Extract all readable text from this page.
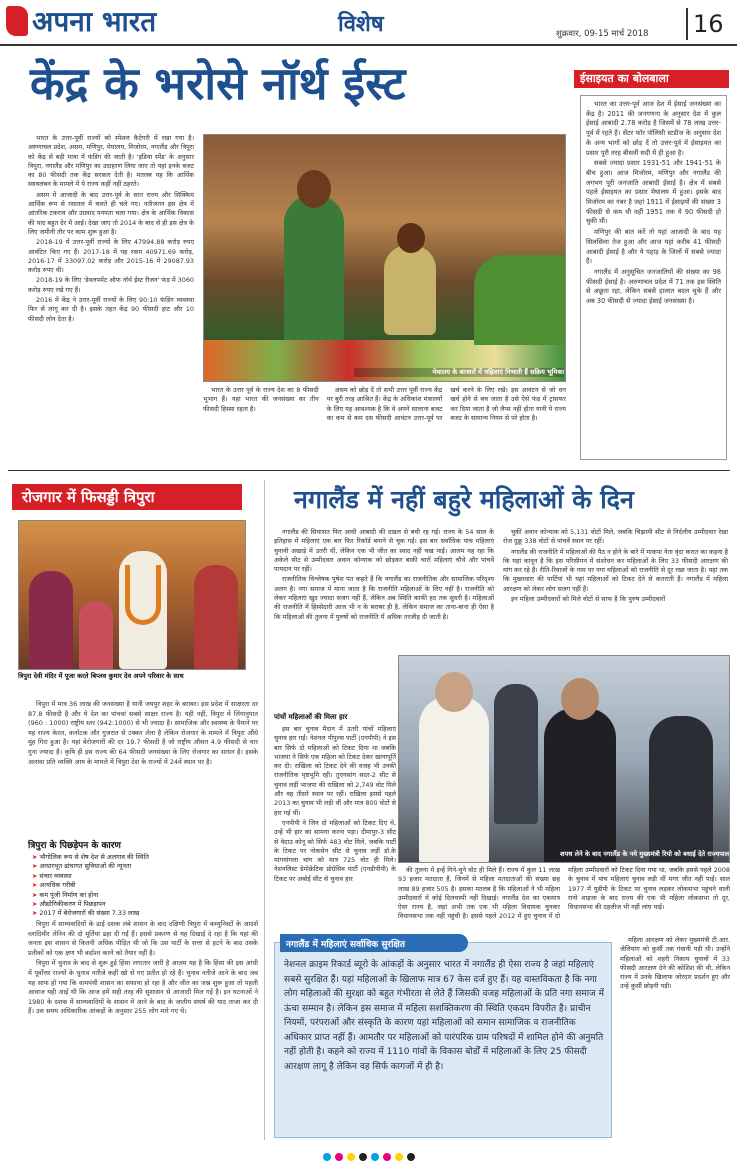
अपना भारत	विशेष	शुक्रवार, 09-15 मार्च 2018 16
केंद्र के भरोसे नॉर्थ ईस्ट

भारत के उत्तर-पूर्वी राज्यों को स्पेशल कैटेगरी में रखा गया है। अरुणाचल प्रदेश, असम, मणिपुर, मेघालय, मिजोरम, नगालैंड और त्रिपुरा को केंद्र से बड़ी मात्रा में फंडिंग की जाती है। 'इंडिया स्पेंड' के अनुसार त्रिपुरा, नगालैंड और मणिपुर का उदाहरण लिया जाए तो यहां इनके बजट का 80 फीसदी तक केंद्र सरकार देती है। मतलब यह कि आर्थिक स्वावलंबन के मामले में ये राज्य कहीं नहीं ठहरते।

असम में आजादी के बाद उत्तर-पूर्व के सात राज्य और सिक्किम आर्थिक रूप से रसातल में चलते ही चले गए। नतीजतन इस क्षेत्र में आंतरिक टकराव और उग्रवाद पनपता चला गया। क्षेत्र के आर्थिक विकास की याद बहुत देर में आई। देखा जाए तो 2014 के बाद से ही इस क्षेत्र के लिए जमीनी तौर पर काम शुरू हुआ है।

2018-19 में उत्तर-पूर्वी राज्यों के लिए 47994.88 करोड़ रुपए आवंटित किए गए हैं। 2017-18 में यह रकम 40971.69 करोड़, 2016-17 में 33097.02 करोड़ और 2015-16 में 29087.93 करोड़ रुपए थी।

2018-19 के लिए 'डेवलपमेंट ऑफ नॉर्थ ईस्ट रीजन' फंड में 3060 करोड़ रुपए रखे गए हैं।

2016 में केंद्र ने उत्तर-पूर्वी राज्यों के लिए 90:10 फंडिंग व्यवस्था फिर से लागू कर दी है। इसके तहत केंद्र 90 फीसदी हाट और 10 फीसदी लोन देता है।

मेघालय के बाजारों में महिलाएं निभाती हैं सक्रिय भूमिका

भारत के उत्तर पूर्व के राज्य देश का 8 फीसदी भूभाग हैं। यहां भारत की जनसंख्या का तीन फीसदी हिस्सा रहता है।

असम को छोड़ दें तो सभी उत्तर पूर्वी राज्य केंद्र पर बुरी तरह आश्रित हैं। केंद्र के अधिकांश मंत्रालयों के लिए यह आवश्यक है कि वे अपने सालाना बजट का कम से कम दस फीसदी आवंटन उत्तर-पूर्व पर खर्च करने के लिए रखें। इस आवंटन से जो धन खर्च होने से बच जाता है उसे ऐसे फंड में ट्रांसफर कर दिया जाता है जो लैप्स नहीं होता यानी ये राज्य बजट के सामान्य नियम से परे होता है।

ईसाइयत का बोलबाला

भारत का उत्तर-पूर्व आज देश में ईसाई जनसंख्या का केंद्र है। 2011 की जनगणना के अनुसार देश में कुल ईसाई आबादी 2.78 करोड़ है जिसमें से 78 लाख उत्तर-पूर्व में रहते हैं। सेंटर फॉर पॉलिसी स्टडीज के अनुसार देश के अन्य भागों को छोड़ दें तो उत्तर-पूर्व में ईसाइयत का प्रसार पूरी तरह बीसवीं सदी में ही हुआ है।

सबसे ज्यादा प्रसार 1931-51 और 1941-51 के बीच हुआ। आज मिजोरम, मणिपुर और नगालैंड की लगभग पूरी जनजाति आबादी ईसाई है। क्षेत्र में सबसे पहले ईसाइयत का प्रसार मेघालय में हुआ। इसके बाद मिजोरम का नंबर है जहां 1911 में ईसाइयों की संख्या 3 फीसदी से कम थी वहीं 1951 तक ये 90 फीसदी हो चुकी थी।

मणिपुर की बात करें तो यहां आजादी के बाद यह सिलसिला तेज हुआ और आज यहां करीब 41 फीसदी आबादी ईसाई है और ये पहाड़ के जिलों में सबसे ज्यादा है।

नगालैंड में अनुसूचित जनजातियों की संख्या का 98 फीसदी ईसाई है। अरुणाचल प्रदेश में 71 तक इस स्थिति से अछूता रहा, लेकिन सबसे हालात बदल चुके हैं और अब 30 फीसदी से ज्यादा ईसाई जनसंख्या है।

रोजगार में फिसड्डी त्रिपुरा
त्रिपुरा देवी मंदिर में पूजा करते बिप्लव कुमार देव अपने परिवार के साथ

त्रिपुरा में मात्र 36 लाख की जनसंख्या है यानी जयपुर शहर के बराबर। इस प्रदेश में साक्षरता दर 87.8 फीसदी है और ये देश का पांचवां सबसे साक्षर राज्य है। यही नहीं, त्रिपुरा में लिंगानुपात (960 : 1000) राष्ट्रीय स्तर (942:1000) से भी ज्यादा है। सामाजिक और स्वास्थ्य के पैमाने पर यह राज्य केरल, कर्नाटक और गुजरात से टक्कर लेता है लेकिन रोजगार के मामले में त्रिपुरा औंधे मुंह गिरा हुआ है। यहां बेरोजगारी की दर 19.7 फीसदी है जो राष्ट्रीय औसत 4.9 फीसदी से चार गुना ज्यादा है। कृषि ही इस राज्य की 64 फीसदी जनसंख्या के लिए रोजगार का साधन है। इसके अलावा प्रति व्यक्ति आय के मामले में त्रिपुरा देश के राज्यों में 24वें स्थान पर है।

त्रिपुरा के पिछड़ेपन के कारण
➤ भौगोलिक रूप से शेष देश से अलगाव की स्थिति
➤ आधारभूत ढांचागत सुविधाओं की न्यूनता
➤ संचार व्यवस्था
➤ अत्यधिक गरीबी
➤ कम पूंजी निर्माण का होना
➤ औद्योगिकीकरण में पिछड़ापन
➤ 2017 में बेरोजगारों की संख्या 7.33 लाख

त्रिपुरा में साम्यवादियों के ढाई दशक लंबे शासन के बाद दक्षिणी त्रिपुरा में कम्युनिस्टों के आदर्श व्लादिमीर लेनिन की दो मूर्तियां ढहा दी गईं हैं। इससे प्रकरण से यह दिखाई दे रहा है कि यहां की जनता इस शासन से कितनी अधिक पीड़ित थी जो कि उस पार्टी के सत्ता से हटने के बाद उसके प्रतीकों को एक क्षण भी बर्दाश्त करने को तैयार नहीं है।

त्रिपुरा में चुनाव के बाद से शुरू हुई हिंसा लगातार जारी है आलम यह है कि हिंसा की इस आंधी में पूर्वोत्तर राज्यों के चुनाव नतीजे कहीं खो से गए प्रतीत हो रहे हैं। चुनाव नतीजे आने के बाद जब यह साफ हो गया कि वामपंथी शासन का सफाया हो रहा है और जीत का जश्न शुरू हुआ तो पहली आवाज यही आई थी कि आज हमें सही तरह की सुशासन से आजादी मिल गई है। इन घटनाओं ने 1980 के दशक में साम्यवादियों के शासन में आने के बाद के जातीय संघर्ष की याद ताजा कर दी हैं। उस समय अधिकारिक आंकड़ों के अनुसार 255 लोग मारे गए थे।

नगालैंड में नहीं बहुरे महिलाओं के दिन

नगालैंड की सियासत फिर आधी आबादी की दखल से बची रह गई। राज्य के 54 साल के इतिहास में महिलाएं एक बार फिर रिकॉर्ड बनाने से चूक गईं। इस बार सर्वाधिक पांच महिलाएं चुनावी अखाड़े में उतरी थीं, लेकिन एक भी जीत का स्वाद नहीं चख पाईं। आलम यह रहा कि अकेले सीट से उम्मीदवार अवान कोन्याक को छोड़कर बाकी चारों महिलाएं चौथे और पांचवें पायदान पर रहीं।

राजनीतिक विश्लेषक पुषेश पंत कहते हैं कि नगालैंड का राजनीतिक और सामाजिक परिदृश्य अलग है। नगा समाज में माना जाता है कि राजनीति महिलाओं के लिए नहीं है। राजनीति को लेकर महिलाएं खुद ज्यादा सजग नहीं हैं, लेकिन अब स्थिति काफी हद तक सुधरी है। महिलाओं की राजनीति में हिस्सेदारी आज भी न के बराबर ही है, लेकिन समाज का ताना-बाना ही ऐसा है कि महिलाओं की तुलना में पुरुषों को राजनीति में अधिक तरजीह दी जाती है।

पांचों महिलाओं की मिला हार

इस बार चुनाव मैदान में उतरी पांचों महिलाएं चुनाव हार गईं। नेशनल पीपुल्स पार्टी (एनपीपी) ने इस बार सिर्फ दो महिलाओं को टिकट दिया था जबकि भाजपा ने सिर्फ एक महिला को टिकट देकर खानापूर्ति कर दी। राखिला को टिकट देने की वजह भी उनकी राजनीतिक पृष्ठभूमि रही। तुएनसांग सदर-2 सीट से चुनाव लड़ीं भाजपा की राखिला को 2,749 वोट मिले और वह तीसरे स्थान पर रहीं। राखिला इससे पहले 2013 का चुनाव भी लड़ी थीं और मात्र 800 वोटों से हार गई थीं।

एनपीपी ने जिन दो महिलाओं को टिकट दिए थे, उन्हें भी हार का सामना करना पड़ा। दीमापुर-3 सीट से वेदाउ कोनू को सिर्फ 483 वोट मिले, जबकि पार्टी के टिकट पर नोकसेन सीट से चुनाव लड़ीं डॉ.के मांगयांगला चांग को मात्र 725 वोट ही मिले। नेशनलिस्ट डेमोक्रेटिक प्रोग्रेसिव पार्टी (एनडीपीपी) के टिकट पर अबोई सीट से चुनाव हार

चुकीं अवान कोन्याक को 5,131 वोटों मिले, जबकि चिझामी सीट से निर्दलीय उम्मीदवार रेखा रोज दुक्रू 338 वोटों से पांचवें स्थान पर रहीं।

नगालैंड की राजनीति में महिलाओं की पैठ न होने के बारे में माकपा नेता वृंदा करात का कहना है कि यहां कानून है कि इस परिसीमन में संशोधन कर महिलाओं के लिए 33 फीसदी आरक्षण की मांग कर रहे हैं। रीति-रिवाजों के नाम पर नगा महिलाओं को राजनीति से दूर रखा जाता है। यहां तक कि मुख्यधारा की पार्टियां भी यहां महिलाओं को टिकट देने से कतराती हैं। नगालैंड में महिला आरक्षण को लेकर लोग सजग नहीं हैं।

इन महिला उम्मीदवारों को मिले वोटों से साफ है कि पुरुष उम्मीदवारों

शपथ लेने के बाद नगालैंड के नये मुख्यमंत्री रियो को बधाई देते राज्यपाल

की तुलना में इन्हें गिने-चुने वोट ही मिले हैं। राज्य में कुल 11 लाख 93 हजार मतदाता हैं, जिनमें से महिला मतदाताओं की संख्या छह लाख 89 हजार 505 है। इसका मतलब है कि महिलाओं ने भी महिला उम्मीदवारों में कोई दिलचस्पी नहीं दिखाई। नगालैंड देश का एकमात्र ऐसा राज्य है, जहां अभी तक एक भी महिला विधायक चुनकर विधानसभा तक नहीं पहुंची है। इससे पहले 2012 में हुए चुनाव में दो महिला उम्मीदवारों को टिकट दिया गया था, जबकि इससे पहले 2008 के चुनाव में पांच महिलाएं चुनाव लड़ी थीं मगर जीत नहीं पाईं। साल 1977 में युडीपी के टिकट पर चुनाव लड़कर लोकसभा पहुंचने वाली रानो शाइजा के बाद राज्य की एक भी महिला लोकसभा तो दूर, विधानसभा की दहलीज भी नहीं लांघ पाई।

महिला आरक्षण को लेकर मुख्यमंत्री टी.आर. जेलियांग को कुर्सी तक गंवानी पड़ी थी। उन्होंने महिलाओं को शहरी निकाय चुनावों में 33 फीसदी आरक्षण देने की कोशिश की थी, लेकिन राज्य में उनके खिलाफ जोरदार प्रदर्शन हुए और उन्हें कुर्सी छोड़नी पड़ी।

नगालैंड में महिलाएं सर्वाधिक सुरक्षित
नेशनल क्राइम रिकार्ड ब्यूरो के आंकड़ों के अनुसार भारत में नगालैंड ही ऐसा राज्य है जहां महिलाएं सबसे सुरक्षित हैं। यहां महिलाओं के खिलाफ मात्र 67 केस दर्ज हुए हैं। यह वास्तविकता है कि नगा लोग महिलाओं की सुरक्षा को बहुत गंभीरता से लेते हैं जिसकी वजह महिलाओं के प्रति नगा समाज में ऊंचा सम्मान है। लेकिन इस समाज में महिला सशक्तिकरण की स्थिति एकदम विपरीत है। प्राचीन नियमों, परंपराओं और संस्कृति के कारण यहां महिलाओं को समान सामाजिक व राजनीतिक अधिकार प्राप्त नहीं हैं। आमतौर पर महिलाओं को पारंपरिक ग्राम परिषदों में शामिल होने की अनुमति नहीं होती है। कहने को राज्य में 1110 गांवों के विकास बोर्डों में महिलाओं के लिए 25 फीसदी आरक्षण लागू है लेकिन वह सिर्फ कागजों में ही है।
